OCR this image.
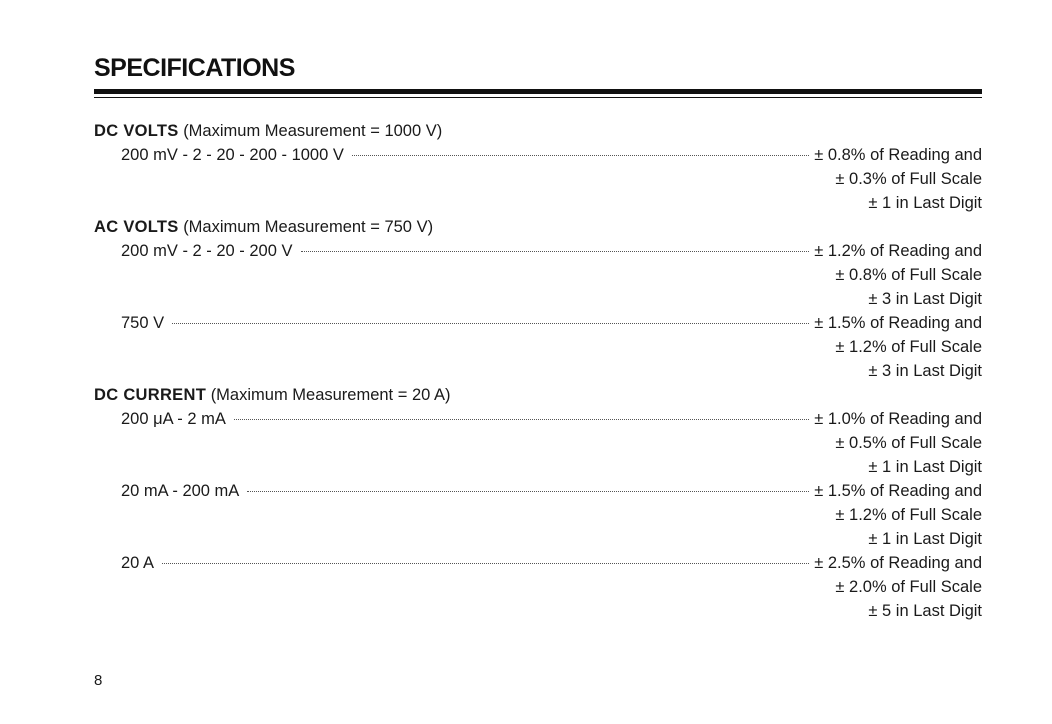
SPECIFICATIONS
DC VOLTS (Maximum Measurement = 1000 V)
200 mV - 2 - 20 - 200 - 1000 V	± 0.8% of Reading and
± 0.3% of Full Scale
± 1 in Last Digit
AC VOLTS (Maximum Measurement = 750 V)
200 mV - 2 - 20 - 200 V	± 1.2% of Reading and
± 0.8% of Full Scale
± 3 in Last Digit
750 V	± 1.5% of Reading and
± 1.2% of Full Scale
± 3 in Last Digit
DC CURRENT (Maximum Measurement = 20 A)
200 μA - 2 mA	± 1.0% of Reading and
± 0.5% of Full Scale
± 1 in Last Digit
20 mA - 200 mA	± 1.5% of Reading and
± 1.2% of Full Scale
± 1 in Last Digit
20 A	± 2.5% of Reading and
± 2.0% of Full Scale
± 5 in Last Digit
8
